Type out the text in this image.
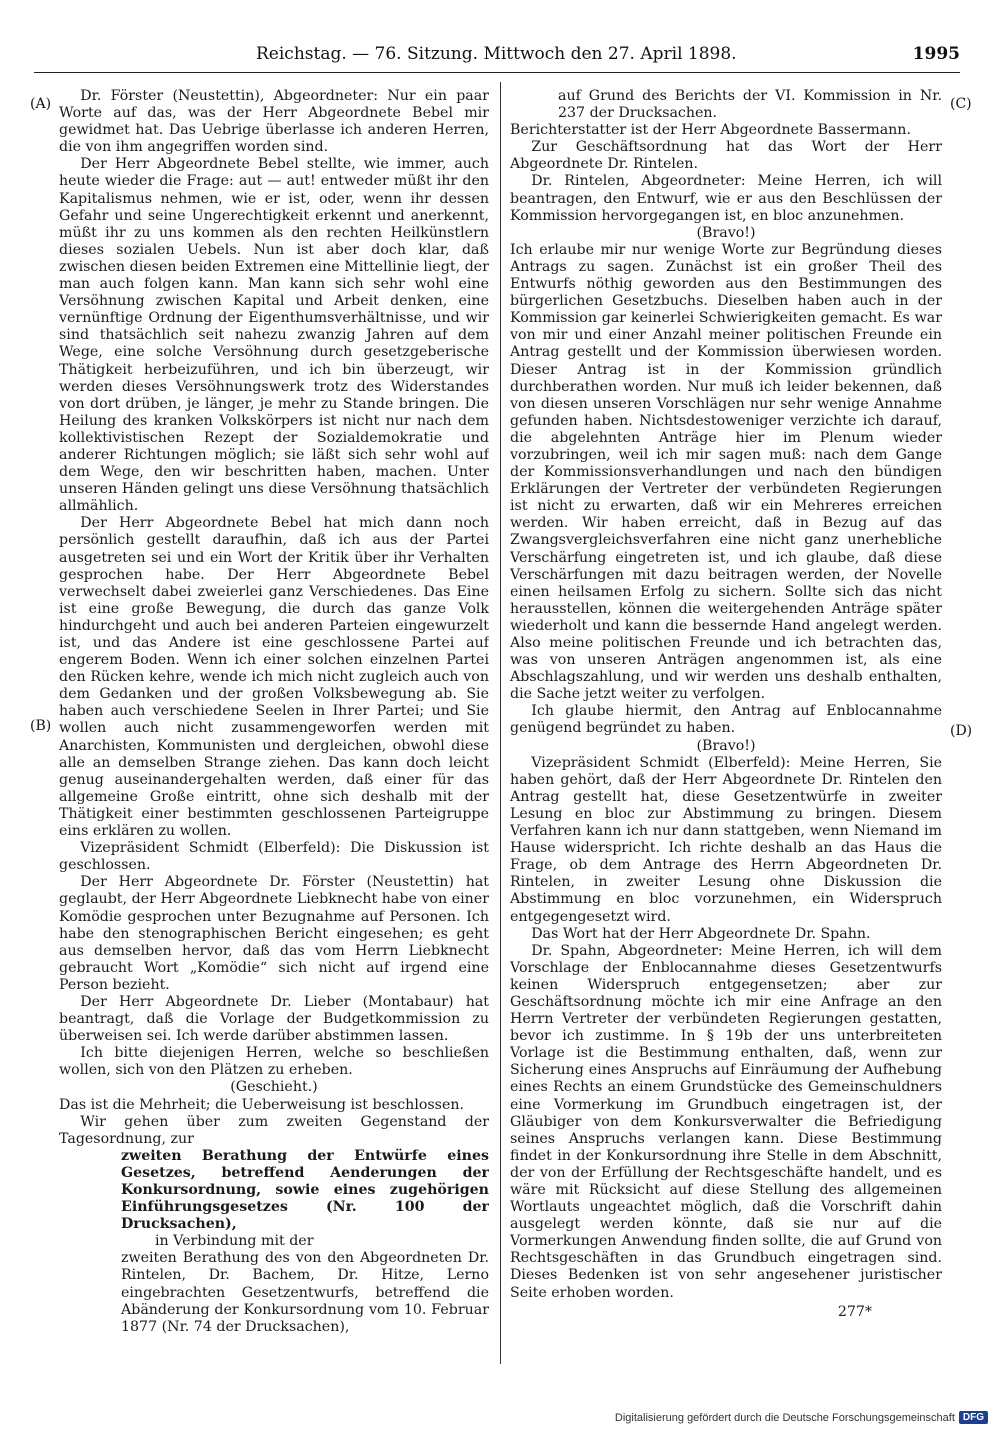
Reichstag. — 76. Sitzung. Mittwoch den 27. April 1898.	1995
(A)
(B)
(C)
(D)

Dr. Förster (Neustettin), Abgeordneter: Nur ein paar Worte auf das, was der Herr Abgeordnete Bebel mir gewidmet hat. Das Uebrige überlasse ich anderen Herren, die von ihm angegriffen worden sind.

Der Herr Abgeordnete Bebel stellte, wie immer, auch heute wieder die Frage: aut — aut! entweder müßt ihr den Kapitalismus nehmen, wie er ist, oder, wenn ihr dessen Gefahr und seine Ungerechtigkeit erkennt und anerkennt, müßt ihr zu uns kommen als den rechten Heilkünstlern dieses sozialen Uebels. Nun ist aber doch klar, daß zwischen diesen beiden Extremen eine Mittellinie liegt, der man auch folgen kann. Man kann sich sehr wohl eine Versöhnung zwischen Kapital und Arbeit denken, eine vernünftige Ordnung der Eigenthumsverhältnisse, und wir sind thatsächlich seit nahezu zwanzig Jahren auf dem Wege, eine solche Versöhnung durch gesetzgeberische Thätigkeit herbeizuführen, und ich bin überzeugt, wir werden dieses Versöhnungswerk trotz des Widerstandes von dort drüben, je länger, je mehr zu Stande bringen. Die Heilung des kranken Volkskörpers ist nicht nur nach dem kollektivistischen Rezept der Sozialdemokratie und anderer Richtungen möglich; sie läßt sich sehr wohl auf dem Wege, den wir beschritten haben, machen. Unter unseren Händen gelingt uns diese Versöhnung thatsächlich allmählich.

Der Herr Abgeordnete Bebel hat mich dann noch persönlich gestellt daraufhin, daß ich aus der Partei ausgetreten sei und ein Wort der Kritik über ihr Verhalten gesprochen habe. Der Herr Abgeordnete Bebel verwechselt dabei zweierlei ganz Verschiedenes. Das Eine ist eine große Bewegung, die durch das ganze Volk hindurchgeht und auch bei anderen Parteien eingewurzelt ist, und das Andere ist eine geschlossene Partei auf engerem Boden. Wenn ich einer solchen einzelnen Partei den Rücken kehre, wende ich mich nicht zugleich auch von dem Gedanken und der großen Volksbewegung ab. Sie haben auch verschiedene Seelen in Ihrer Partei; und Sie wollen auch nicht zusammengeworfen werden mit Anarchisten, Kommunisten und dergleichen, obwohl diese alle an demselben Strange ziehen. Das kann doch leicht genug auseinandergehalten werden, daß einer für das allgemeine Große eintritt, ohne sich deshalb mit der Thätigkeit einer bestimmten geschlossenen Parteigruppe eins erklären zu wollen.

Vizepräsident Schmidt (Elberfeld): Die Diskussion ist geschlossen.

Der Herr Abgeordnete Dr. Förster (Neustettin) hat geglaubt, der Herr Abgeordnete Liebknecht habe von einer Komödie gesprochen unter Bezugnahme auf Personen. Ich habe den stenographischen Bericht eingesehen; es geht aus demselben hervor, daß das vom Herrn Liebknecht gebraucht Wort „Komödie“ sich nicht auf irgend eine Person bezieht.

Der Herr Abgeordnete Dr. Lieber (Montabaur) hat beantragt, daß die Vorlage der Budgetkommission zu überweisen sei. Ich werde darüber abstimmen lassen.

Ich bitte diejenigen Herren, welche so beschließen wollen, sich von den Plätzen zu erheben.

(Geschieht.)

Das ist die Mehrheit; die Ueberweisung ist beschlossen.

Wir gehen über zum zweiten Gegenstand der Tagesordnung, zur

zweiten Berathung der Entwürfe eines Gesetzes, betreffend Aenderungen der Konkursordnung, sowie eines zugehörigen Einführungsgesetzes (Nr. 100 der Drucksachen),

in Verbindung mit der

zweiten Berathung des von den Abgeordneten Dr. Rintelen, Dr. Bachem, Dr. Hitze, Lerno eingebrachten Gesetzentwurfs, betreffend die Abänderung der Konkursordnung vom 10. Februar 1877 (Nr. 74 der Drucksachen),

auf Grund des Berichts der VI. Kommission in Nr. 237 der Drucksachen.

Berichterstatter ist der Herr Abgeordnete Bassermann.

Zur Geschäftsordnung hat das Wort der Herr Abgeordnete Dr. Rintelen.

Dr. Rintelen, Abgeordneter: Meine Herren, ich will beantragen, den Entwurf, wie er aus den Beschlüssen der Kommission hervorgegangen ist, en bloc anzunehmen.

(Bravo!)

Ich erlaube mir nur wenige Worte zur Begründung dieses Antrags zu sagen. Zunächst ist ein großer Theil des Entwurfs nöthig geworden aus den Bestimmungen des bürgerlichen Gesetzbuchs. Dieselben haben auch in der Kommission gar keinerlei Schwierigkeiten gemacht. Es war von mir und einer Anzahl meiner politischen Freunde ein Antrag gestellt und der Kommission überwiesen worden. Dieser Antrag ist in der Kommission gründlich durchberathen worden. Nur muß ich leider bekennen, daß von diesen unseren Vorschlägen nur sehr wenige Annahme gefunden haben. Nichtsdestoweniger verzichte ich darauf, die abgelehnten Anträge hier im Plenum wieder vorzubringen, weil ich mir sagen muß: nach dem Gange der Kommissionsverhandlungen und nach den bündigen Erklärungen der Vertreter der verbündeten Regierungen ist nicht zu erwarten, daß wir ein Mehreres erreichen werden. Wir haben erreicht, daß in Bezug auf das Zwangsvergleichsverfahren eine nicht ganz unerhebliche Verschärfung eingetreten ist, und ich glaube, daß diese Verschärfungen mit dazu beitragen werden, der Novelle einen heilsamen Erfolg zu sichern. Sollte sich das nicht herausstellen, können die weitergehenden Anträge später wiederholt und kann die bessernde Hand angelegt werden. Also meine politischen Freunde und ich betrachten das, was von unseren Anträgen angenommen ist, als eine Abschlagszahlung, und wir werden uns deshalb enthalten, die Sache jetzt weiter zu verfolgen.

Ich glaube hiermit, den Antrag auf Enblocannahme genügend begründet zu haben.

(Bravo!)

Vizepräsident Schmidt (Elberfeld): Meine Herren, Sie haben gehört, daß der Herr Abgeordnete Dr. Rintelen den Antrag gestellt hat, diese Gesetzentwürfe in zweiter Lesung en bloc zur Abstimmung zu bringen. Diesem Verfahren kann ich nur dann stattgeben, wenn Niemand im Hause widerspricht. Ich richte deshalb an das Haus die Frage, ob dem Antrage des Herrn Abgeordneten Dr. Rintelen, in zweiter Lesung ohne Diskussion die Abstimmung en bloc vorzunehmen, ein Widerspruch entgegengesetzt wird.

Das Wort hat der Herr Abgeordnete Dr. Spahn.

Dr. Spahn, Abgeordneter: Meine Herren, ich will dem Vorschlage der Enblocannahme dieses Gesetzentwurfs keinen Widerspruch entgegensetzen; aber zur Geschäftsordnung möchte ich mir eine Anfrage an den Herrn Vertreter der verbündeten Regierungen gestatten, bevor ich zustimme. In § 19b der uns unterbreiteten Vorlage ist die Bestimmung enthalten, daß, wenn zur Sicherung eines Anspruchs auf Einräumung der Aufhebung eines Rechts an einem Grundstücke des Gemeinschuldners eine Vormerkung im Grundbuch eingetragen ist, der Gläubiger von dem Konkursverwalter die Befriedigung seines Anspruchs verlangen kann. Diese Bestimmung findet in der Konkursordnung ihre Stelle in dem Abschnitt, der von der Erfüllung der Rechtsgeschäfte handelt, und es wäre mit Rücksicht auf diese Stellung des allgemeinen Wortlauts ungeachtet möglich, daß die Vorschrift dahin ausgelegt werden könnte, daß sie nur auf die Vormerkungen Anwendung finden sollte, die auf Grund von Rechtsgeschäften in das Grundbuch eingetragen sind. Dieses Bedenken ist von sehr angesehener juristischer Seite erhoben worden.

277*

Digitalisierung gefördert durch die Deutsche Forschungsgemeinschaft DFG
